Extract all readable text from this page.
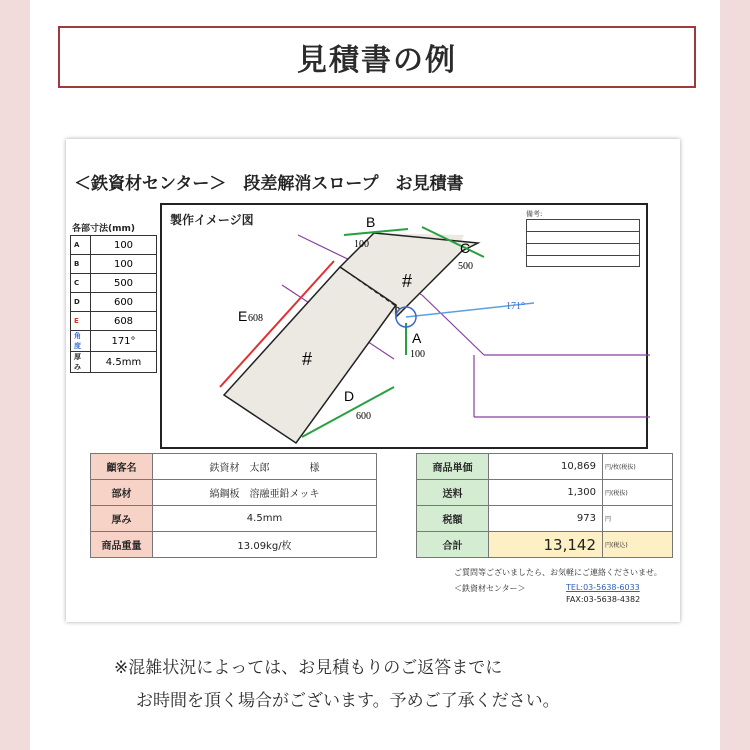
見積書の例
＜鉄資材センター＞　段差解消スロープ　お見積書
各部寸法(mm)
A	100
B	100
C	500
D	600
E	608
角度	171°
厚み	4.5mm
製作イメージ図	備考:
B
100	C
500
E 608
A
100
D
600
171°
#
#
顧客名	鉄資材　太郎　　　　様
部材	縞鋼板　溶融亜鉛メッキ
厚み	4.5mm
商品重量	13.09kg/枚
商品単価	10,869	円/枚(税抜)
送料	1,300	円(税抜)
税額	973	円
合計	13,142	円(税込)
ご質問等ございましたら、お気軽にご連絡くださいませ。
＜鉄資材センター＞	TEL:03-5638-6033
FAX:03-5638-4382
※混雑状況によっては、お見積もりのご返答までに
お時間を頂く場合がございます。予めご了承ください。
